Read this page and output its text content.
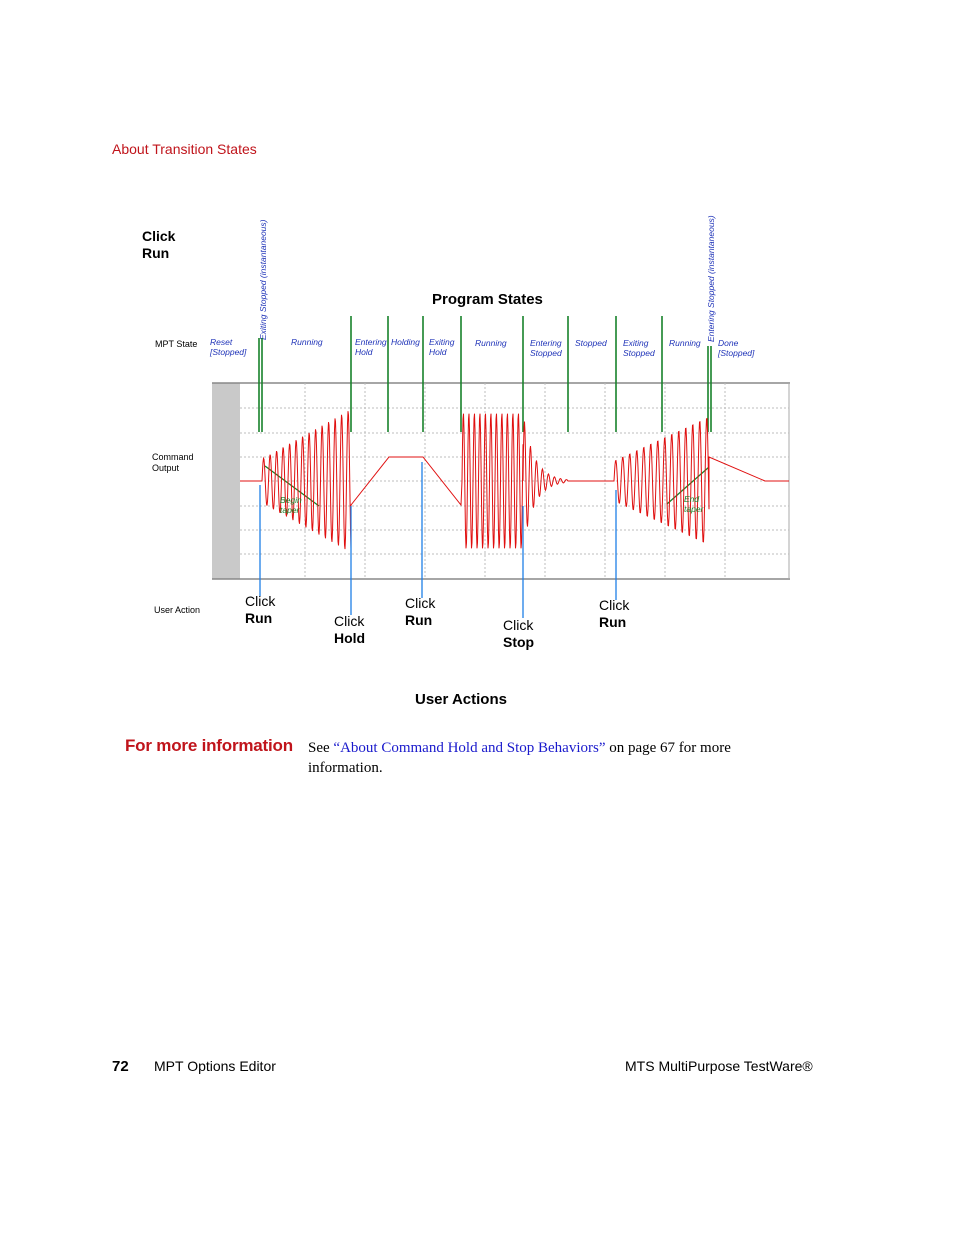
About Transition States
Click
Run
Program States
Exiting Stopped (instantaneous)	Entering Stopped (instantaneous)
MPT State Reset
[Stopped]
Running	Entering
Hold
Holding Exiting
Hold
Running	Entering
Stopped
Stopped Exiting
Stopped
Running Done
[Stopped]
Command
Output
Begin
taper
End
taper
User Action
Click
Run	Click
Hold
Click
Run	Click
Stop
Click
Run
User Actions
For more information See “About Command Hold and Stop Behaviors” on page 67 for more information.
72 MPT Options Editor	MTS MultiPurpose TestWare®
